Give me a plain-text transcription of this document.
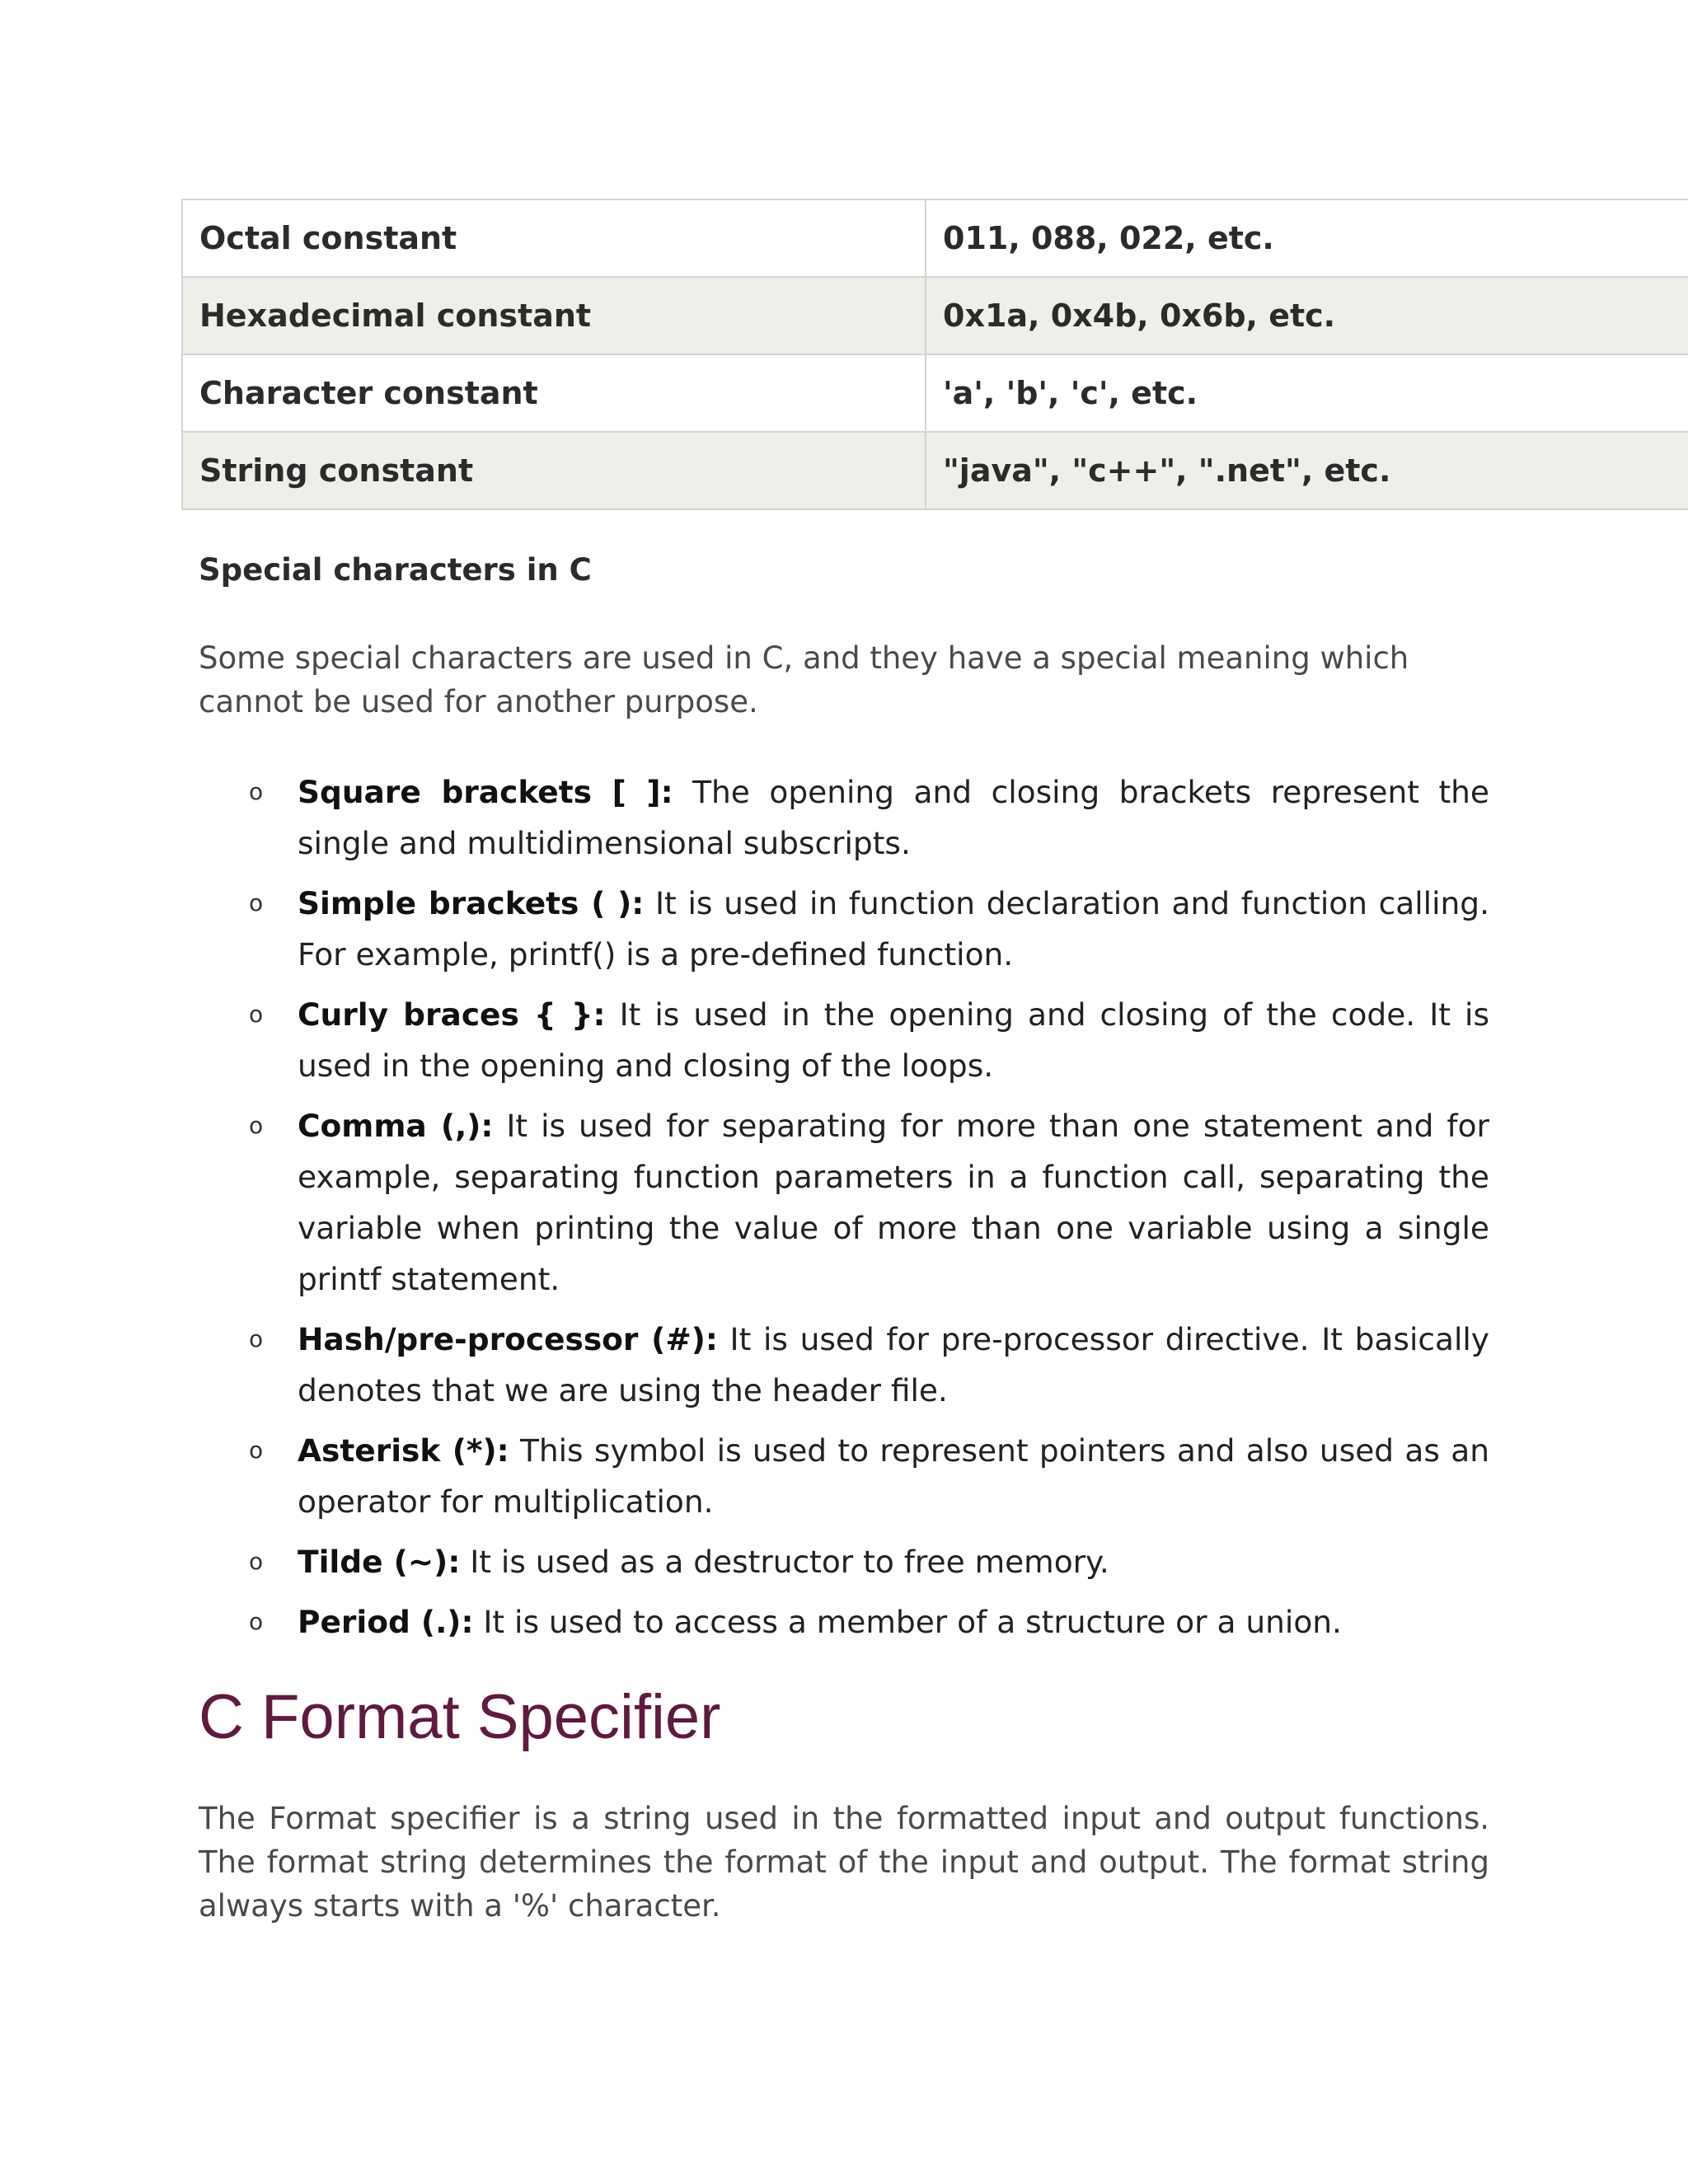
Octal constant	011, 088, 022, etc.
Hexadecimal constant	0x1a, 0x4b, 0x6b, etc.
Character constant	'a', 'b', 'c', etc.
String constant	"java", "c++", ".net", etc.
Special characters in C

Some special characters are used in C, and they have a special meaning which cannot be used for another purpose.

o Square brackets [ ]: The opening and closing brackets represent the single and multidimensional subscripts.
o Simple brackets ( ): It is used in function declaration and function calling. For example, printf() is a pre-defined function.
o Curly braces { }: It is used in the opening and closing of the code. It is used in the opening and closing of the loops.
o Comma (,): It is used for separating for more than one statement and for example, separating function parameters in a function call, separating the variable when printing the value of more than one variable using a single printf statement.
o Hash/pre-processor (#): It is used for pre-processor directive. It basically denotes that we are using the header file.
o Asterisk (*): This symbol is used to represent pointers and also used as an operator for multiplication.
o Tilde (~): It is used as a destructor to free memory.
o Period (.): It is used to access a member of a structure or a union.
C Format Specifier

The Format specifier is a string used in the formatted input and output functions. The format string determines the format of the input and output. The format string always starts with a '%' character.
